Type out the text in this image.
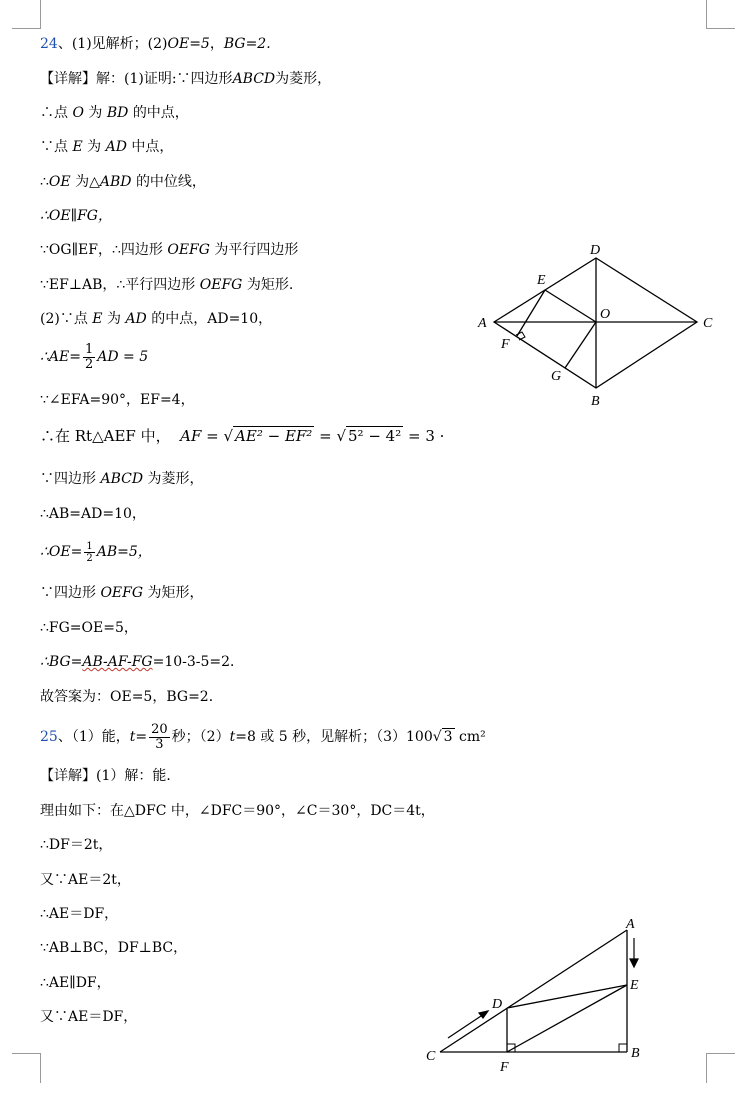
24、(1)见解析；(2)OE=5，BG=2.
【详解】解：(1)证明:∵四边形ABCD为菱形，
∴点 O 为 BD 的中点，
∵点 E 为 AD 中点，
∴OE 为△ABD 的中位线，
∴OE∥FG，
∵OG∥EF，∴四边形 OEFG 为平行四边形
∵EF⊥AB，∴平行四边形 OEFG 为矩形.
(2)∵点 E 为 AD 的中点，AD=10，
∴AE= $\frac{1}{2}$ AD = 5
∵∠EFA=90°，EF=4，
∴在 Rt△AEF 中， AF = √ AE² − EF² = √ 5² − 4² = 3 ·
∵四边形 ABCD 为菱形，
∴AB=AD=10，
∴OE= $\frac{1}{2} AB=5$，
∵四边形 OEFG 为矩形，
∴FG=OE=5，
∴BG=AB-AF-FG=10-3-5=2．
故答案为：OE=5，BG=2．
A
B
C
D
E
F
G
O
25、（1）能，$t= \frac{20}{3}$ 秒；（2）t=8 或 5 秒，见解析；（3）100√ 3 cm²
【详解】(1）解：能．
理由如下：在△DFC 中，∠DFC＝90°，∠C＝30°，DC＝4t，
∴DF＝2t，
又∵AE＝2t，
∴AE＝DF，
∵AB⊥BC，DF⊥BC，
∴AE∥DF，
又∵AE＝DF，
A
B
C
D
E
F
